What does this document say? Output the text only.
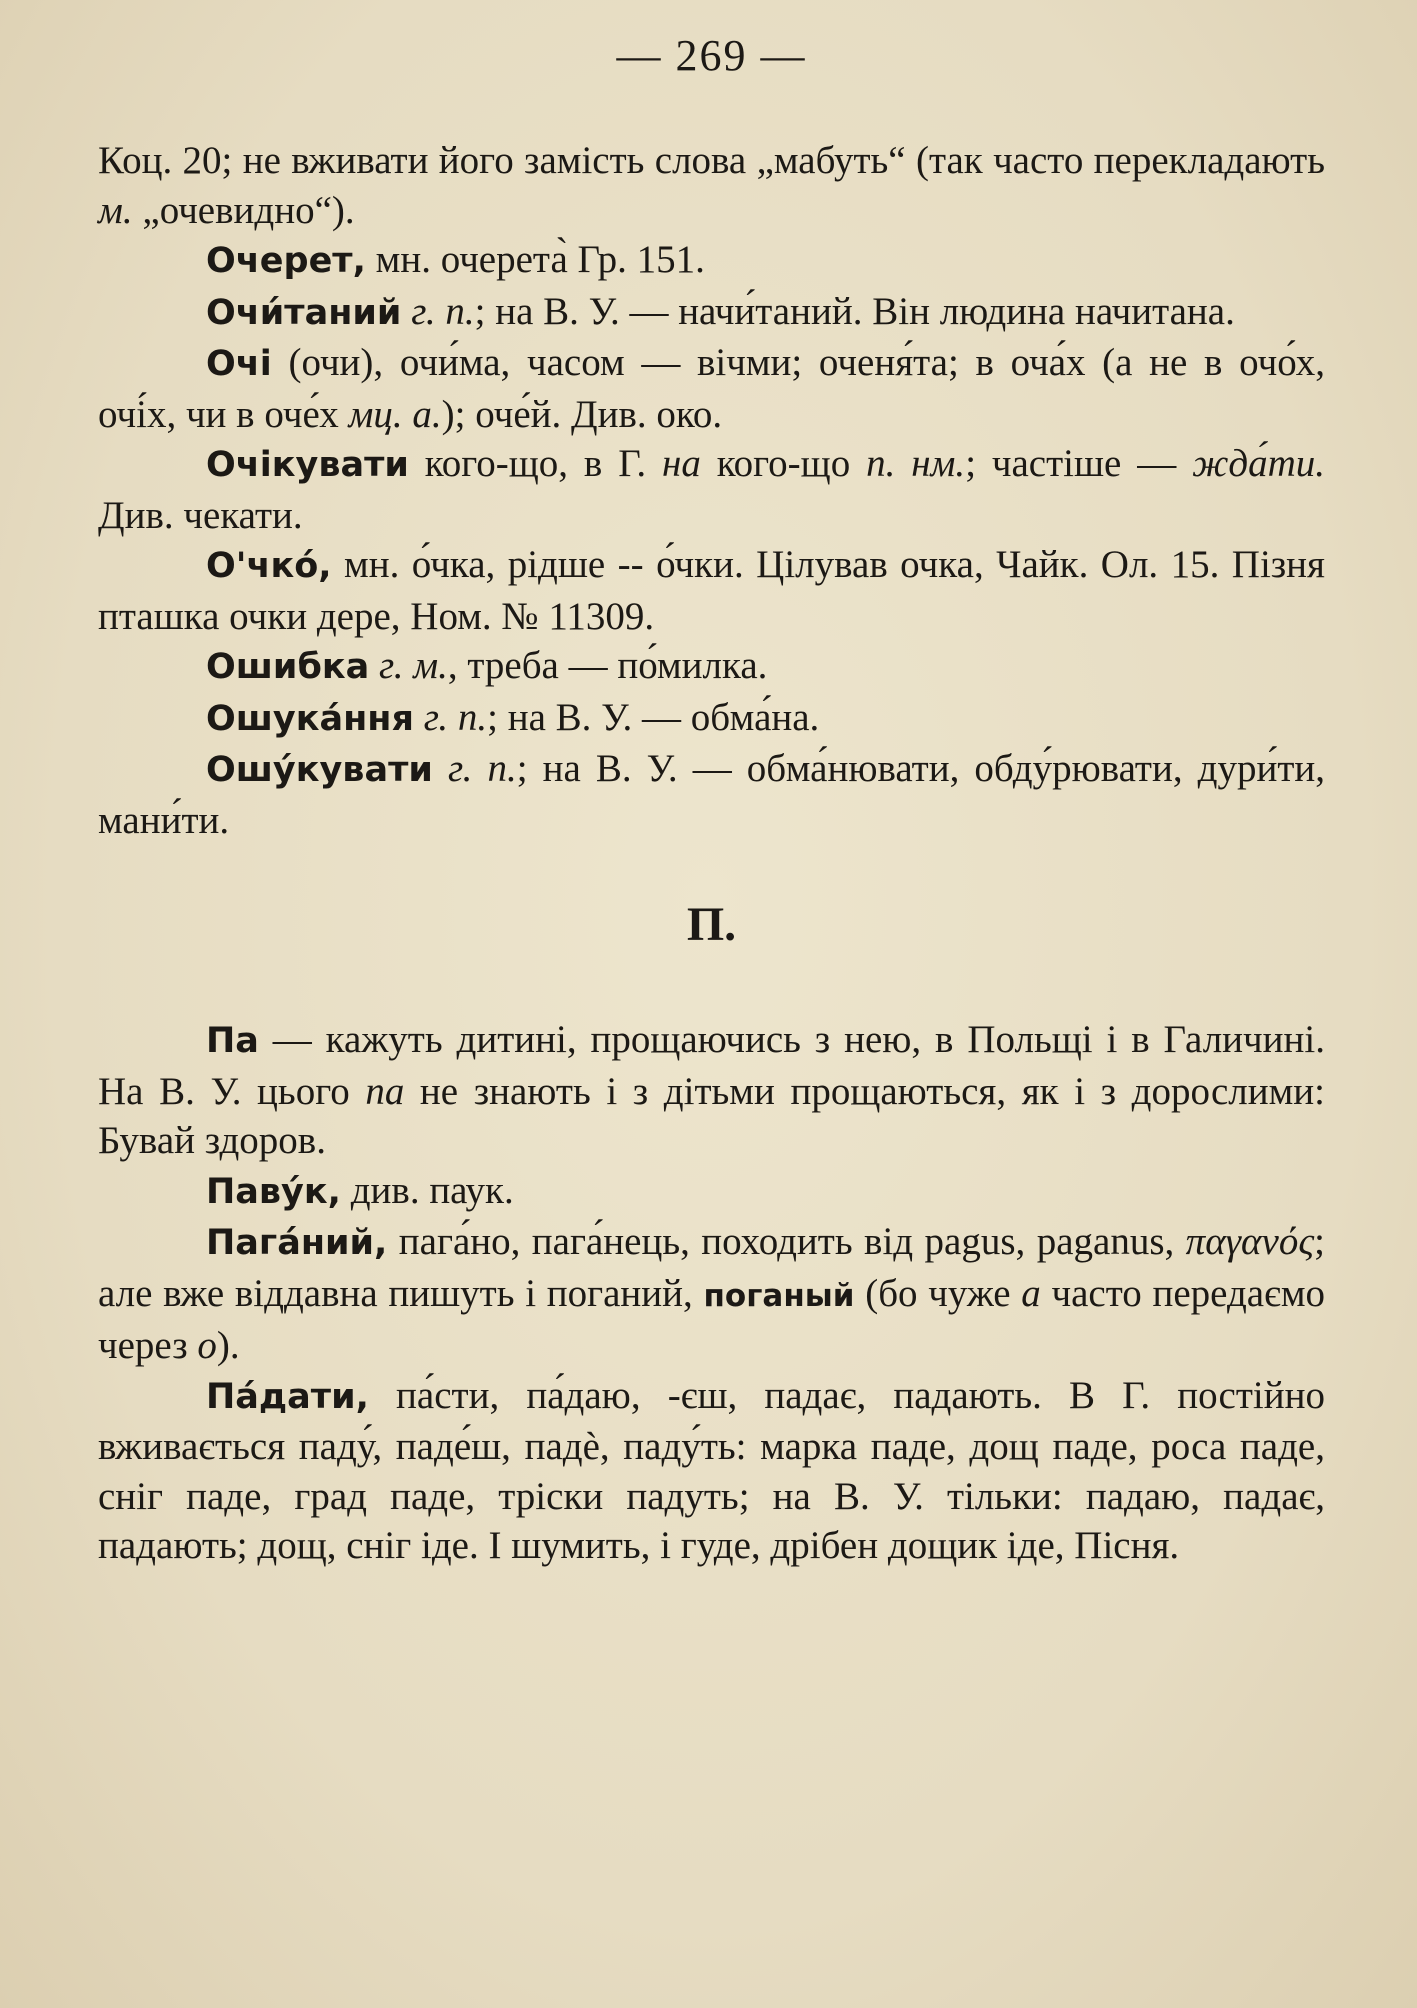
— 269 —

Коц. 20; не вживати його замість слова „мабуть“ (так часто перекладають м. „очевидно“).

Очерет, мн. очерета̀ Гр. 151.

Очи́таний г. п.; на В. У. — начи́таний. Він людина начитана.

Очі (очи), очи́ма, часом — вічми; оченя́та; в оча́х (а не в очо́х, очі́х, чи в оче́х мц. а.); оче́й. Див. око.

Очікувати кого-що, в Г. на кого-що п. нм.; частіше — жда́ти. Див. чекати.

О'чко́, мн. о́чка, рідше -- о́чки. Цілував очка, Чайк. Ол. 15. Пізня пташка очки дере, Ном. № 11309.

Ошибка г. м., треба — по́милка.

Ошука́ння г. п.; на В. У. — обма́на.

Ошу́кувати г. п.; на В. У. — обма́нювати, обду́рювати, дури́ти, мани́ти.

П.

Па — кажуть дитині, прощаючись з нею, в Польщі і в Галичині. На В. У. цього па не знають і з дітьми прощаються, як і з дорослими: Бувай здоров.

Паву́к, див. паук.

Пага́ний, пага́но, пага́нець, походить від pagus, paganus, παγανός; але вже віддавна пишуть і поганий, поганый (бо чуже а часто передаємо через о).

Па́дати, па́сти, па́даю, -єш, падає, падають. В Г. постійно вживається паду́, паде́ш, падѐ, паду́ть: марка паде, дощ паде, роса паде, сніг паде, град паде, тріски падуть; на В. У. тільки: падаю, падає, падають; дощ, сніг іде. І шумить, і гуде, дрібен дощик іде, Пісня.
